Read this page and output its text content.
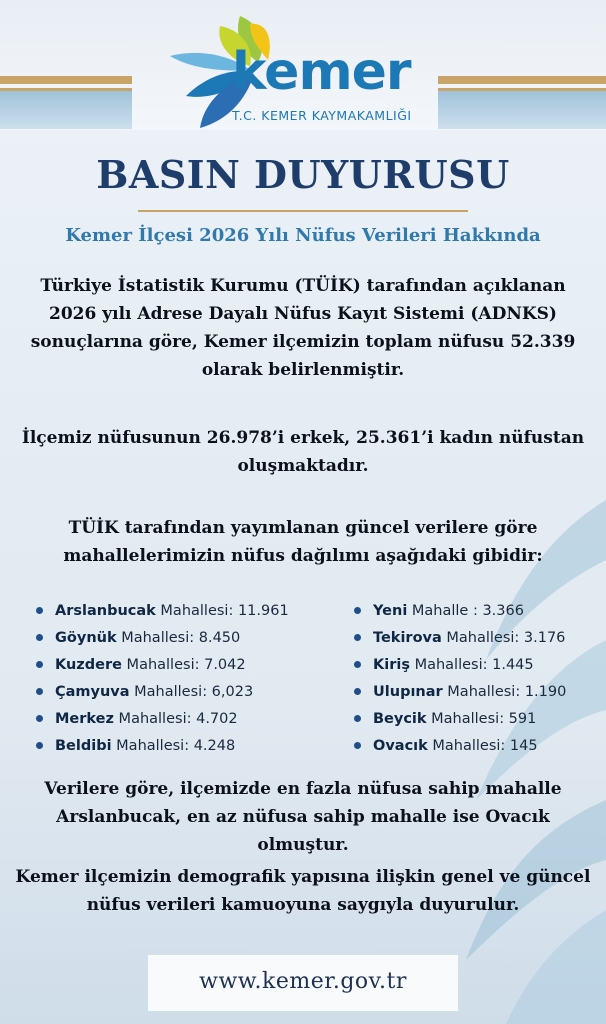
kemer
T.C. KEMER KAYMAKAMLIĞI
BASIN DUYURUSU
Kemer İlçesi 2026 Yılı Nüfus Verileri Hakkında
Türkiye İstatistik Kurumu (TÜİK) tarafından açıklanan 2026 yılı Adrese Dayalı Nüfus Kayıt Sistemi (ADNKS) sonuçlarına göre, Kemer ilçemizin toplam nüfusu 52.339 olarak belirlenmiştir.
İlçemiz nüfusunun 26.978’i erkek, 25.361’i kadın nüfustan oluşmaktadır.
TÜİK tarafından yayımlanan güncel verilere göre mahallelerimizin nüfus dağılımı aşağıdaki gibidir:
Arslanbucak Mahallesi: 11.961
Göynük Mahallesi: 8.450
Kuzdere Mahallesi: 7.042
Çamyuva Mahallesi: 6,023
Merkez Mahallesi: 4.702
Beldibi Mahallesi: 4.248
Yeni Mahalle : 3.366
Tekirova Mahallesi: 3.176
Kiriş Mahallesi: 1.445
Ulupınar Mahallesi: 1.190
Beycik Mahallesi: 591
Ovacık Mahallesi: 145
Verilere göre, ilçemizde en fazla nüfusa sahip mahalle Arslanbucak, en az nüfusa sahip mahalle ise Ovacık olmuştur.
Kemer ilçemizin demografik yapısına ilişkin genel ve güncel nüfus verileri kamuoyuna saygıyla duyurulur.
www.kemer.gov.tr
